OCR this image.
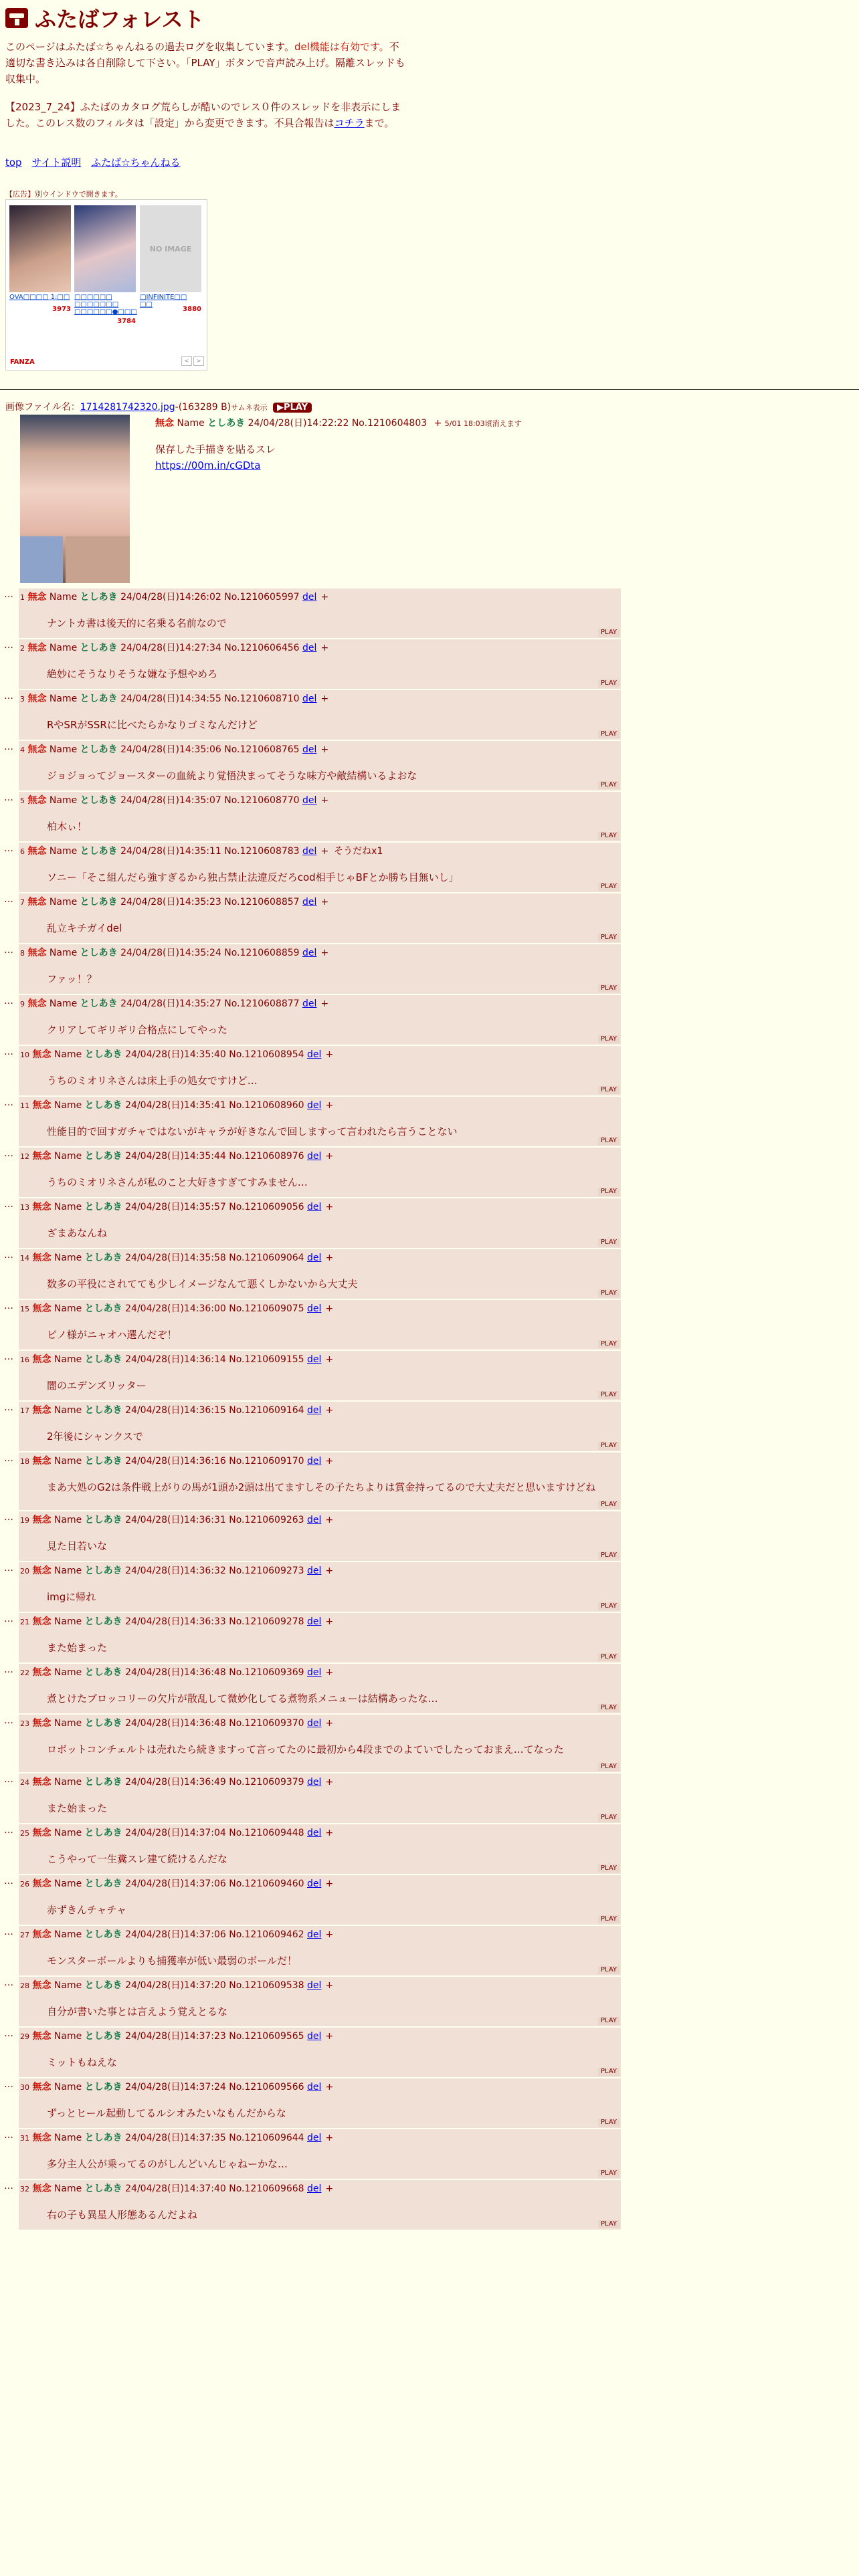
ふたばフォレスト

このページはふたば☆ちゃんねるの過去ログを収集しています。del機能は有効です。不適切な書き込みは各自削除して下さい。「PLAY」ボタンで音声読み上げ。隔離スレッドも収集中。

【2023_7_24】ふたばのカタログ荒らしが酷いのでレス０件のスレッドを非表示にしました。このレス数のフィルタは「設定」から変更できます。不具合報告はコチラまで。

top サイト説明 ふたば☆ちゃんねる
【広告】別ウインドウで開きます。
NO IMAGE
OVA□□□□ 1:□□ □□□□□□ □□□□□□□ □□□□□□●□□□
□INFINITE□□ □□
3973
3784
3880
FANZA	<	>
画像ファイル名：1714281742320.jpg-(163289 B)サムネ表示 ▶PLAY
無念 Name としあき 24/04/28(日)14:22:22 No.1210604803 + 5/01 18:03頃消えます
保存した手描きを貼るスレ
https://00m.in/cGDta
… 1 無念 Name としあき 24/04/28(日)14:26:02 No.1210605997 del +

ナントカ書は後天的に名乗る名前なので

PLAY
… 2 無念 Name としあき 24/04/28(日)14:27:34 No.1210606456 del +

絶妙にそうなりそうな嫌な予想やめろ

PLAY
… 3 無念 Name としあき 24/04/28(日)14:34:55 No.1210608710 del +

RやSRがSSRに比べたらかなりゴミなんだけど

PLAY
… 4 無念 Name としあき 24/04/28(日)14:35:06 No.1210608765 del +

ジョジョってジョースターの血統より覚悟決まってそうな味方や敵結構いるよおな

PLAY
… 5 無念 Name としあき 24/04/28(日)14:35:07 No.1210608770 del +

柏木ぃ！

PLAY
… 6 無念 Name としあき 24/04/28(日)14:35:11 No.1210608783 del + そうだねx1

ソニー「そこ組んだら強すぎるから独占禁止法違反だろcod相手じゃBFとか勝ち目無いし」

PLAY
… 7 無念 Name としあき 24/04/28(日)14:35:23 No.1210608857 del +

乱立キチガイdel

PLAY
… 8 無念 Name としあき 24/04/28(日)14:35:24 No.1210608859 del +

ファッ！？

PLAY
… 9 無念 Name としあき 24/04/28(日)14:35:27 No.1210608877 del +

クリアしてギリギリ合格点にしてやった

PLAY
… 10 無念 Name としあき 24/04/28(日)14:35:40 No.1210608954 del +

うちのミオリネさんは床上手の処女ですけど…

PLAY
… 11 無念 Name としあき 24/04/28(日)14:35:41 No.1210608960 del +

性能目的で回すガチャではないがキャラが好きなんで回しますって言われたら言うことない

PLAY
… 12 無念 Name としあき 24/04/28(日)14:35:44 No.1210608976 del +

うちのミオリネさんが私のこと大好きすぎてすみません…

PLAY
… 13 無念 Name としあき 24/04/28(日)14:35:57 No.1210609056 del +

ざまあなんね

PLAY
… 14 無念 Name としあき 24/04/28(日)14:35:58 No.1210609064 del +

数多の平役にされてても少しイメージなんて悪くしかないから大丈夫

PLAY
… 15 無念 Name としあき 24/04/28(日)14:36:00 No.1210609075 del +

ピノ様がニャオハ選んだぞ！

PLAY
… 16 無念 Name としあき 24/04/28(日)14:36:14 No.1210609155 del +

闇のエデンズリッター

PLAY
… 17 無念 Name としあき 24/04/28(日)14:36:15 No.1210609164 del +

2年後にシャンクスで

PLAY
… 18 無念 Name としあき 24/04/28(日)14:36:16 No.1210609170 del +

まあ大処のG2は条件戦上がりの馬が1頭か2頭は出てますしその子たちよりは賞金持ってるので大丈夫だと思いますけどね

PLAY
… 19 無念 Name としあき 24/04/28(日)14:36:31 No.1210609263 del +

見た目若いな

PLAY
… 20 無念 Name としあき 24/04/28(日)14:36:32 No.1210609273 del +

imgに帰れ

PLAY
… 21 無念 Name としあき 24/04/28(日)14:36:33 No.1210609278 del +

また始まった

PLAY
… 22 無念 Name としあき 24/04/28(日)14:36:48 No.1210609369 del +

煮とけたブロッコリーの欠片が散乱して微妙化してる煮物系メニューは結構あったな…

PLAY
… 23 無念 Name としあき 24/04/28(日)14:36:48 No.1210609370 del +

ロボットコンチェルトは売れたら続きますって言ってたのに最初から4段までのよていでしたっておまえ…てなった

PLAY
… 24 無念 Name としあき 24/04/28(日)14:36:49 No.1210609379 del +

また始まった

PLAY
… 25 無念 Name としあき 24/04/28(日)14:37:04 No.1210609448 del +

こうやって一生糞スレ建て続けるんだな

PLAY
… 26 無念 Name としあき 24/04/28(日)14:37:06 No.1210609460 del +

赤ずきんチャチャ

PLAY
… 27 無念 Name としあき 24/04/28(日)14:37:06 No.1210609462 del +

モンスターボールよりも捕獲率が低い最弱のボールだ！

PLAY
… 28 無念 Name としあき 24/04/28(日)14:37:20 No.1210609538 del +

自分が書いた事とは言えよう覚えとるな

PLAY
… 29 無念 Name としあき 24/04/28(日)14:37:23 No.1210609565 del +

ミットもねえな

PLAY
… 30 無念 Name としあき 24/04/28(日)14:37:24 No.1210609566 del +

ずっとヒール起動してるルシオみたいなもんだからな

PLAY
… 31 無念 Name としあき 24/04/28(日)14:37:35 No.1210609644 del +

多分主人公が乗ってるのがしんどいんじゃねーかな…

PLAY
… 32 無念 Name としあき 24/04/28(日)14:37:40 No.1210609668 del +

右の子も異星人形態あるんだよね

PLAY
